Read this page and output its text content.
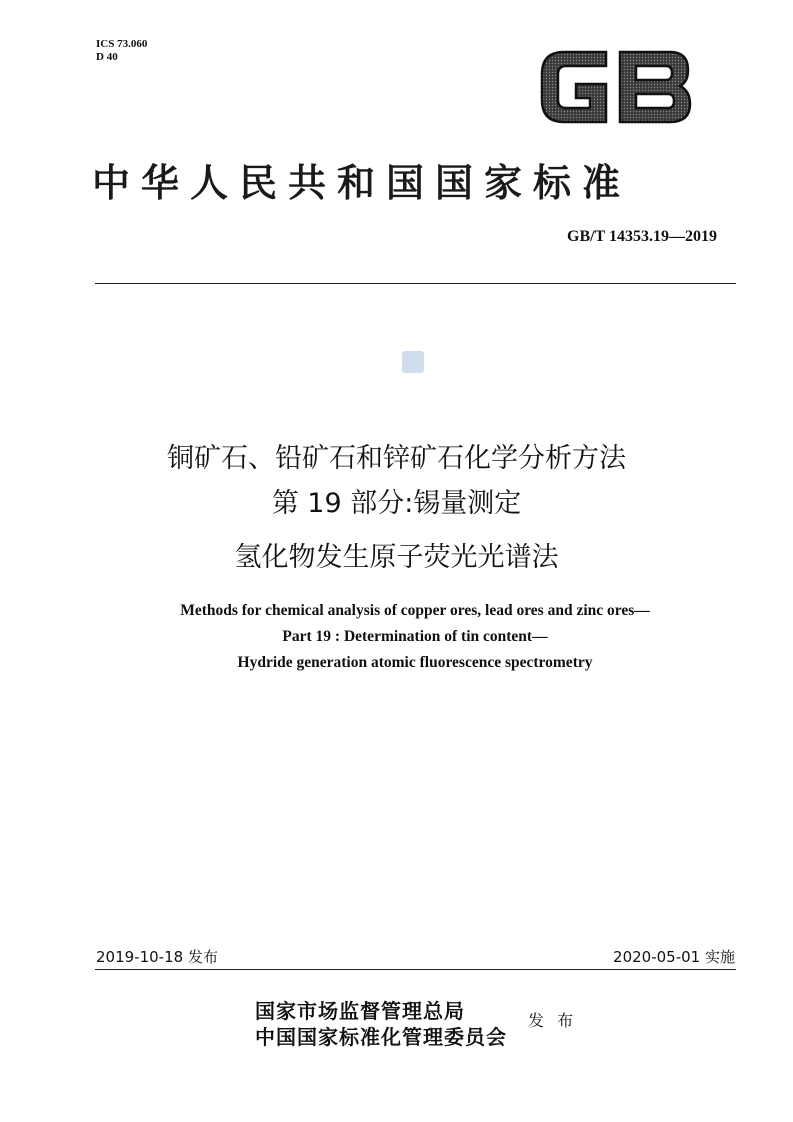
ICS 73.060
D 40
中华人民共和国国家标准
GB/T 14353.19—2019
铜矿石、铅矿石和锌矿石化学分析方法
第 19 部分:锡量测定
氢化物发生原子荧光光谱法
Methods for chemical analysis of copper ores, lead ores and zinc ores—
Part 19 : Determination of tin content—
Hydride generation atomic fluorescence spectrometry
2019-10-18 发布	2020-05-01 实施
国家市场监督管理总局
中国国家标准化管理委员会
发 布
